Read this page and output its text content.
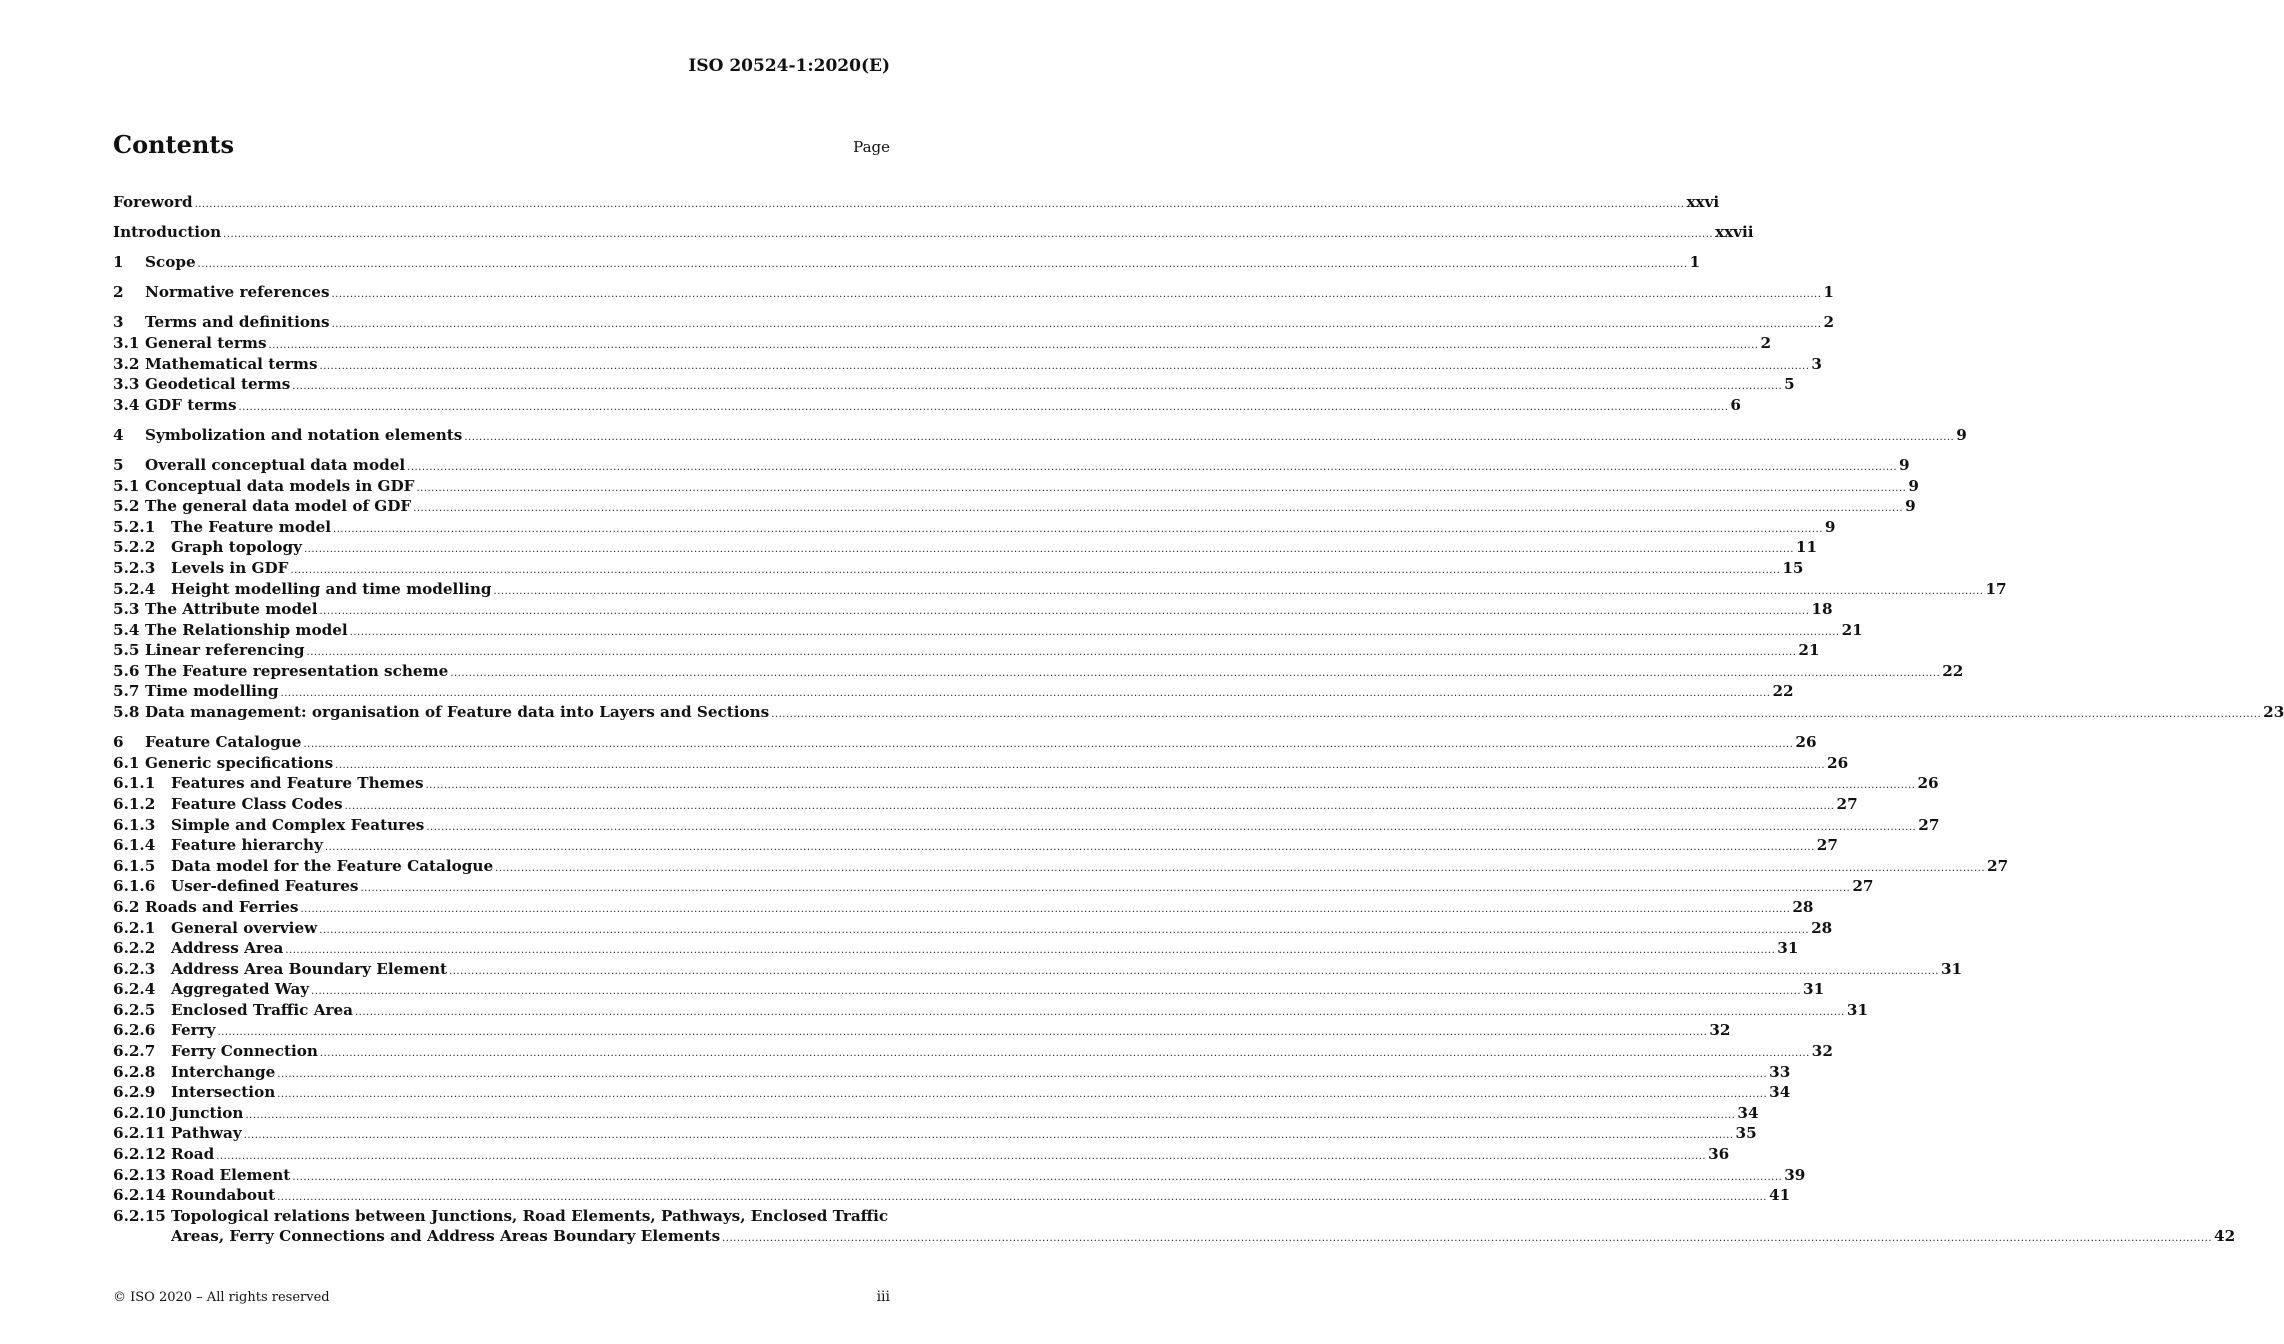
ISO 20524-1:2020(E)
Contents	Page
Foreword .....	xxvi
Introduction .....	xxvii
1	Scope .....	1
2	Normative references .....	1
3	Terms and definitions .....	2
3.1 General terms .....	2
3.2 Mathematical terms .....	3
3.3 Geodetical terms .....	5
3.4 GDF terms .....	6
4	Symbolization and notation elements .....	9
5	Overall conceptual data model .....	9
5.1 Conceptual data models in GDF .....	9
5.2 The general data model of GDF .....	9
5.2.1	The Feature model .....	9
5.2.2	Graph topology .....	11
5.2.3	Levels in GDF .....	15
5.2.4	Height modelling and time modelling .....	17
5.3 The Attribute model .....	18
5.4 The Relationship model .....	21
5.5 Linear referencing .....	21
5.6 The Feature representation scheme .....	22
5.7 Time modelling .....	22
5.8 Data management: organisation of Feature data into Layers and Sections .....	23
6	Feature Catalogue .....	26
6.1 Generic specifications .....	26
6.1.1	Features and Feature Themes .....	26
6.1.2	Feature Class Codes .....	27
6.1.3	Simple and Complex Features .....	27
6.1.4	Feature hierarchy .....	27
6.1.5	Data model for the Feature Catalogue .....	27
6.1.6	User-defined Features .....	27
6.2 Roads and Ferries .....	28
6.2.1	General overview .....	28
6.2.2	Address Area .....	31
6.2.3	Address Area Boundary Element .....	31
6.2.4	Aggregated Way .....	31
6.2.5	Enclosed Traffic Area .....	31
6.2.6	Ferry .....	32
6.2.7	Ferry Connection .....	32
6.2.8	Interchange .....	33
6.2.9	Intersection .....	34
6.2.10 Junction .....	34
6.2.11 Pathway .....	35
6.2.12 Road .....	36
6.2.13 Road Element .....	39
6.2.14 Roundabout .....	41
6.2.15 Topological relations between Junctions, Road Elements, Pathways, Enclosed Traffic
Areas, Ferry Connections and Address Areas Boundary Elements .....	42
© ISO 2020 – All rights reserved	iii
